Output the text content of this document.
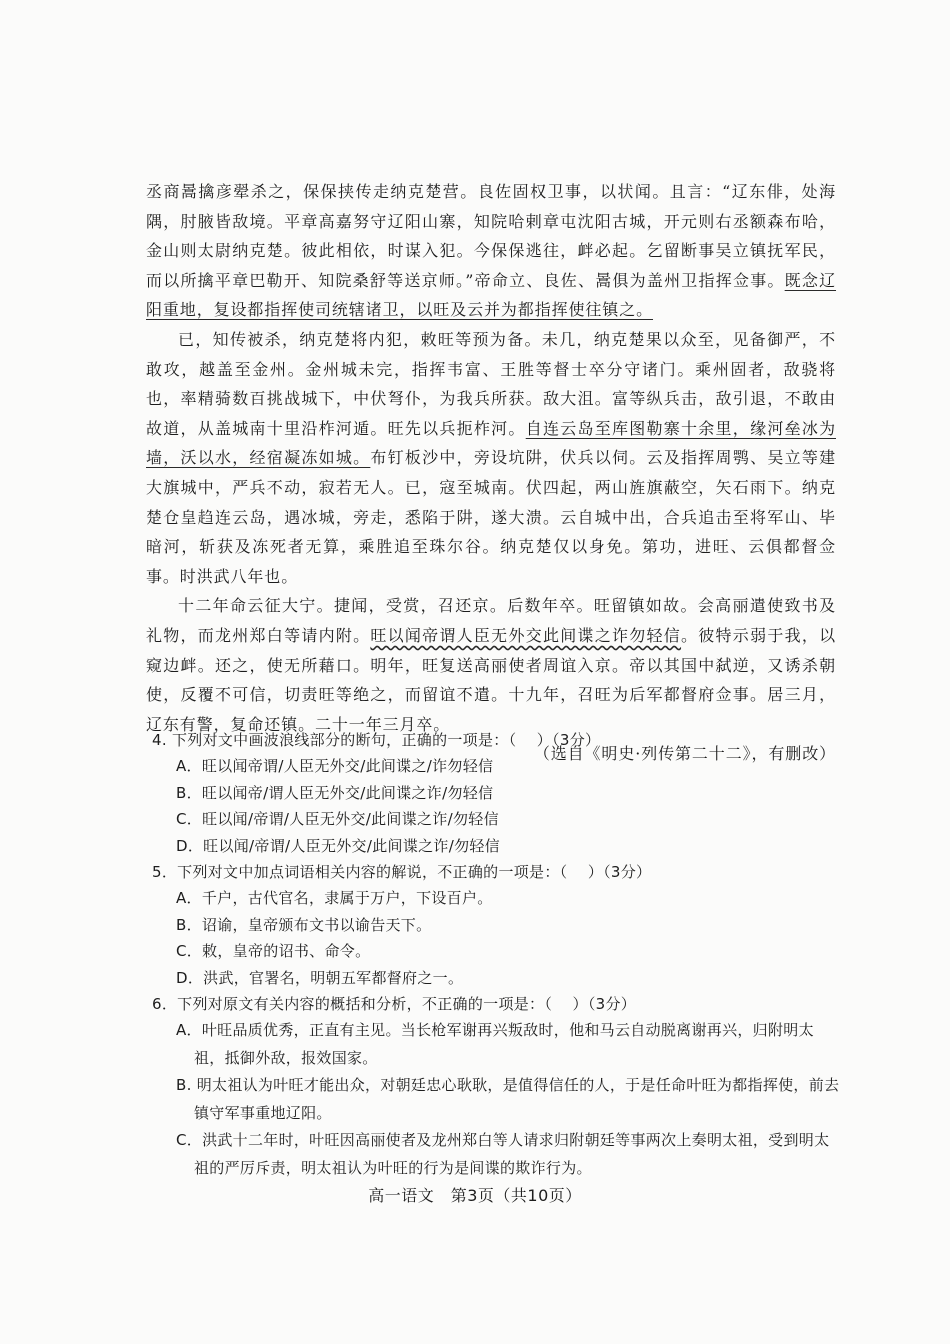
丞商暠擒彦翚杀之，保保挟传走纳克楚营。良佐固权卫事，以状闻。且言：“辽东俳，处海隅，肘腋皆敌境。平章高嘉努守辽阳山寨，知院哈剌章屯沈阳古城，开元则右丞额森布哈，金山则太尉纳克楚。彼此相依，时谋入犯。今保保逃往，衅必起。乞留断事吴立镇抚军民，而以所擒平章巴勒开、知院桑舒等送京师。”帝命立、良佐、暠俱为盖州卫指挥佥事。既念辽阳重地，复设都指挥使司统辖诸卫，以旺及云并为都指挥使往镇之。

已，知传被杀，纳克楚将内犯，敕旺等预为备。未几，纳克楚果以众至，见备御严，不敢攻，越盖至金州。金州城未完，指挥韦富、王胜等督士卒分守诸门。乘州固者，敌骁将也，率精骑数百挑战城下，中伏弩仆，为我兵所获。敌大沮。富等纵兵击，敌引退，不敢由故道，从盖城南十里沿柞河遁。旺先以兵扼柞河。自连云岛至库图勒寨十余里，缘河垒冰为墙，沃以水，经宿凝冻如城。布钉板沙中，旁设坑阱，伏兵以伺。云及指挥周鹗、吴立等建大旗城中，严兵不动，寂若无人。已，寇至城南。伏四起，两山旌旗蔽空，矢石雨下。纳克楚仓皇趋连云岛，遇冰城，旁走，悉陷于阱，遂大溃。云自城中出，合兵追击至将军山、毕暗河，斩获及冻死者无算，乘胜追至珠尔谷。纳克楚仅以身免。第功，进旺、云俱都督佥事。时洪武八年也。

十二年命云征大宁。捷闻，受赏，召还京。后数年卒。旺留镇如故。会高丽遣使致书及礼物，而龙州郑白等请内附。旺以闻帝谓人臣无外交此间谍之诈勿轻信。彼特示弱于我，以窥边衅。还之，使无所藉口。明年，旺复送高丽使者周谊入京。帝以其国中弑逆，又诱杀朝使，反覆不可信，切责旺等绝之，而留谊不遣。十九年，召旺为后军都督府佥事。居三月，辽东有警，复命还镇。二十一年三月卒。

（选自《明史·列传第二十二》，有删改）

4. 下列对文中画波浪线部分的断句，正确的一项是：（　 ）（3分）

A．旺以闻帝谓/人臣无外交/此间谍之/诈勿轻信

B．旺以闻帝/谓人臣无外交/此间谍之诈/勿轻信

C．旺以闻/帝谓/人臣无外交/此间谍之诈/勿轻信

D．旺以闻/帝谓/人臣无外交/此间谍之诈/勿轻信

5．下列对文中加点词语相关内容的解说，不正确的一项是：（　 ）（3分）

A．千户，古代官名，隶属于万户，下设百户。

B．诏谕，皇帝颁布文书以谕告天下。

C．敕，皇帝的诏书、命令。

D．洪武，官署名，明朝五军都督府之一。

6．下列对原文有关内容的概括和分析，不正确的一项是：（　 ）（3分）

A．叶旺品质优秀，正直有主见。当长枪军谢再兴叛敌时，他和马云自动脱离谢再兴，归附明太祖，抵御外敌，报效国家。

B. 明太祖认为叶旺才能出众，对朝廷忠心耿耿，是值得信任的人，于是任命叶旺为都指挥使，前去镇守军事重地辽阳。

C．洪武十二年时，叶旺因高丽使者及龙州郑白等人请求归附朝廷等事两次上奏明太祖，受到明太祖的严厉斥责，明太祖认为叶旺的行为是间谍的欺诈行为。

高一语文　第3页（共10页）
